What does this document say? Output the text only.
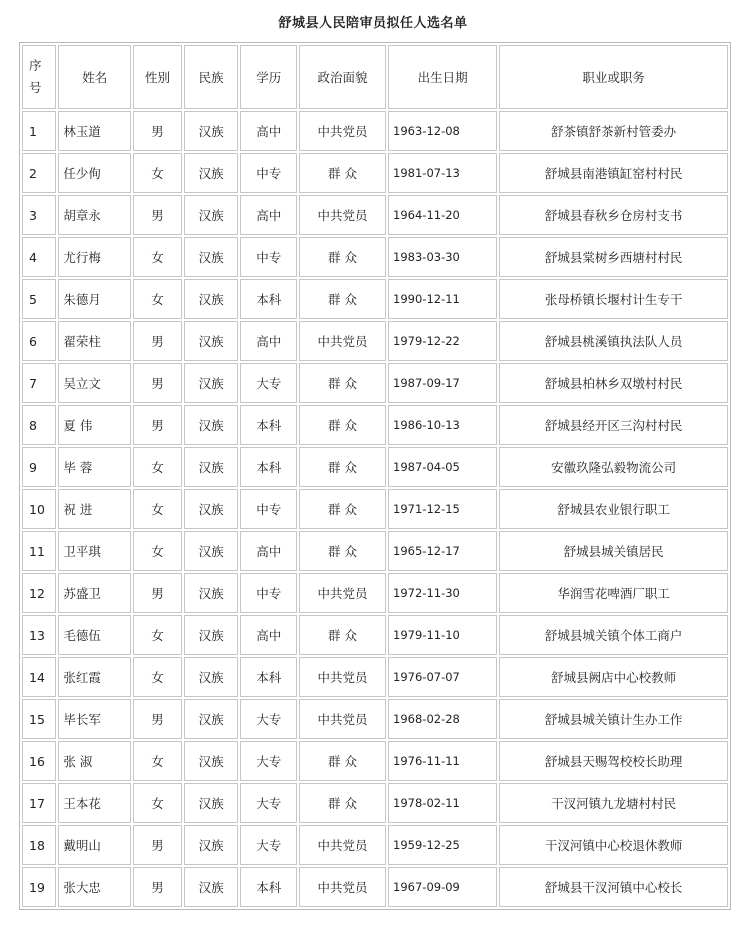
舒城县人民陪审员拟任人选名单
序
号	姓名	性别	民族	学历	政治面貌	出生日期	职业或职务
1	林玉道	男	汉族	高中	中共党员	1963-12-08	舒茶镇舒茶新村管委办
2	任少侚	女	汉族	中专	群 众	1981-07-13	舒城县南港镇缸窑村村民
3	胡章永	男	汉族	高中	中共党员	1964-11-20	舒城县春秋乡仓房村支书
4	尤行梅	女	汉族	中专	群 众	1983-03-30	舒城县棠树乡西塘村村民
5	朱德月	女	汉族	本科	群 众	1990-12-11	张母桥镇长堰村计生专干
6	翟荣柱	男	汉族	高中	中共党员	1979-12-22	舒城县桃溪镇执法队人员
7	吴立文	男	汉族	大专	群 众	1987-09-17	舒城县柏林乡双墩村村民
8	夏 伟	男	汉族	本科	群 众	1986-10-13	舒城县经开区三沟村村民
9	毕 蓉	女	汉族	本科	群 众	1987-04-05	安徽玖隆弘毅物流公司
10	祝 进	女	汉族	中专	群 众	1971-12-15	舒城县农业银行职工
11	卫平琪	女	汉族	高中	群 众	1965-12-17	舒城县城关镇居民
12	苏盛卫	男	汉族	中专	中共党员	1972-11-30	华润雪花啤酒厂职工
13	毛德伍	女	汉族	高中	群 众	1979-11-10	舒城县城关镇个体工商户
14	张红霞	女	汉族	本科	中共党员	1976-07-07	舒城县阙店中心校教师
15	毕长军	男	汉族	大专	中共党员	1968-02-28	舒城县城关镇计生办工作
16	张 淑	女	汉族	大专	群 众	1976-11-11	舒城县天赐驾校校长助理
17	王本花	女	汉族	大专	群 众	1978-02-11	干汊河镇九龙塘村村民
18	戴明山	男	汉族	大专	中共党员	1959-12-25	干汊河镇中心校退休教师
19	张大忠	男	汉族	本科	中共党员	1967-09-09	舒城县干汊河镇中心校长
